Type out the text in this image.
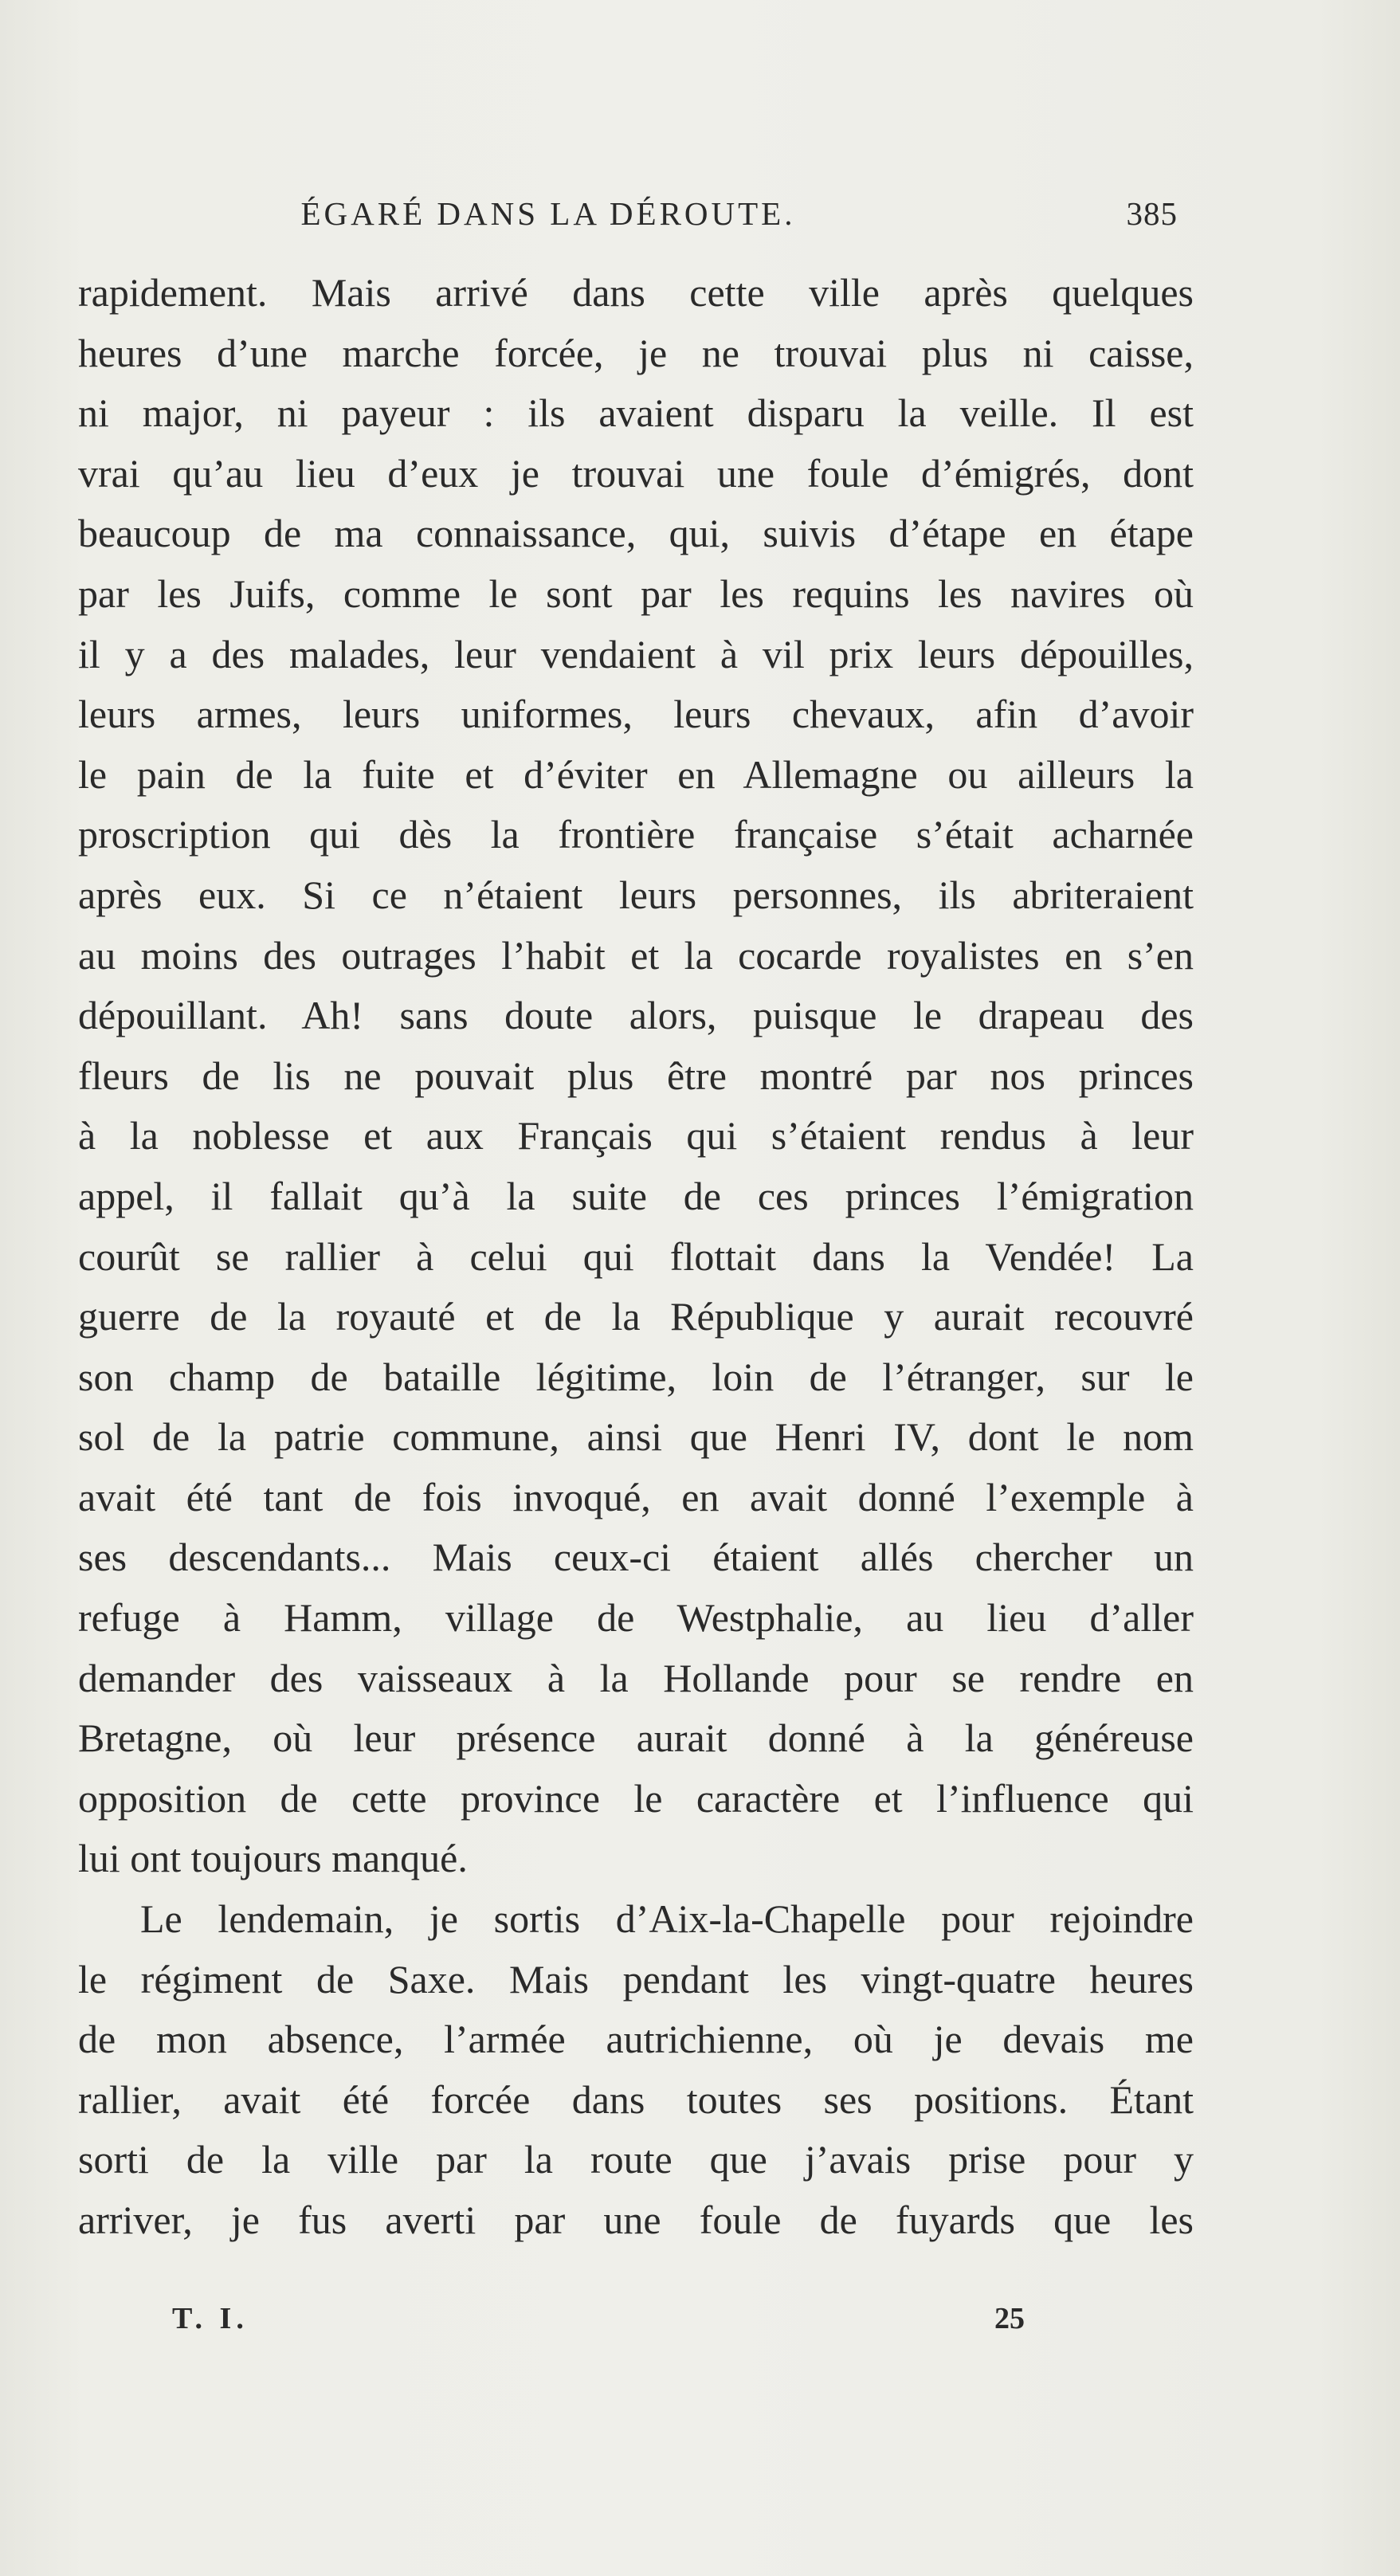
ÉGARÉ DANS LA DÉROUTE.	385
rapidement. Mais arrivé dans cette ville après quelques
heures d’une marche forcée, je ne trouvai plus ni caisse,
ni major, ni payeur : ils avaient disparu la veille. Il est
vrai qu’au lieu d’eux je trouvai une foule d’émigrés, dont
beaucoup de ma connaissance, qui, suivis d’étape en étape
par les Juifs, comme le sont par les requins les navires où
il y a des malades, leur vendaient à vil prix leurs dépouilles,
leurs armes, leurs uniformes, leurs chevaux, afin d’avoir
le pain de la fuite et d’éviter en Allemagne ou ailleurs la
proscription qui dès la frontière française s’était acharnée
après eux. Si ce n’étaient leurs personnes, ils abriteraient
au moins des outrages l’habit et la cocarde royalistes en s’en
dépouillant. Ah! sans doute alors, puisque le drapeau des
fleurs de lis ne pouvait plus être montré par nos princes
à la noblesse et aux Français qui s’étaient rendus à leur
appel, il fallait qu’à la suite de ces princes l’émigration
courût se rallier à celui qui flottait dans la Vendée! La
guerre de la royauté et de la République y aurait recouvré
son champ de bataille légitime, loin de l’étranger, sur le
sol de la patrie commune, ainsi que Henri IV, dont le nom
avait été tant de fois invoqué, en avait donné l’exemple à
ses descendants... Mais ceux-ci étaient allés chercher un
refuge à Hamm, village de Westphalie, au lieu d’aller
demander des vaisseaux à la Hollande pour se rendre en
Bretagne, où leur présence aurait donné à la généreuse
opposition de cette province le caractère et l’influence qui
lui ont toujours manqué.
Le lendemain, je sortis d’Aix-la-Chapelle pour rejoindre
le régiment de Saxe. Mais pendant les vingt-quatre heures
de mon absence, l’armée autrichienne, où je devais me
rallier, avait été forcée dans toutes ses positions. Étant
sorti de la ville par la route que j’avais prise pour y
arriver, je fus averti par une foule de fuyards que les
T. I.	25
